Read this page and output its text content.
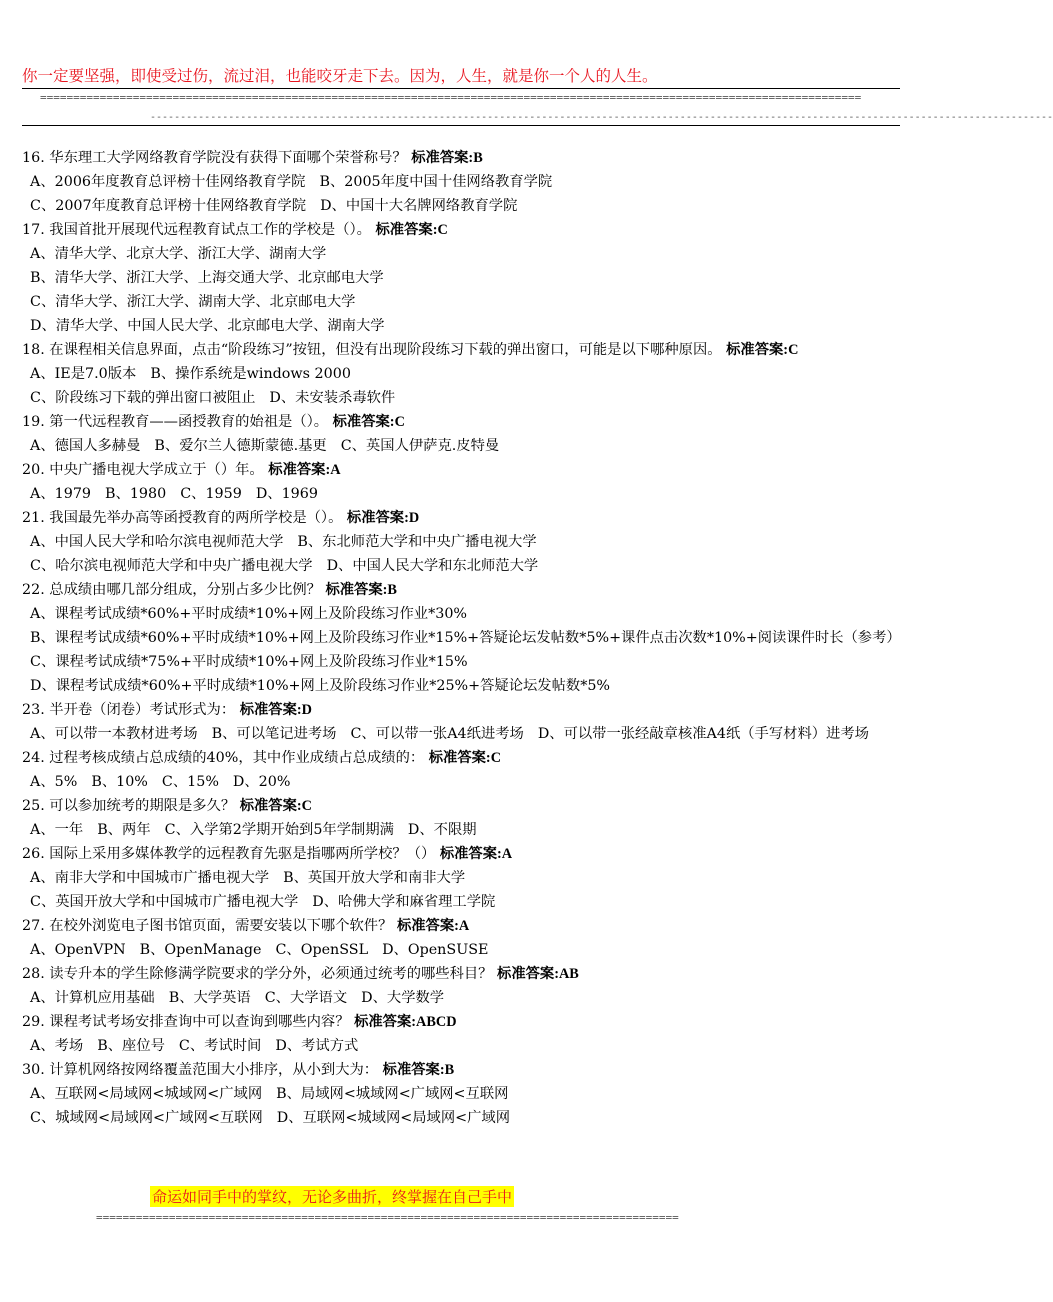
你一定要坚强，即使受过伤，流过泪，也能咬牙走下去。因为，人生，就是你一个人的人生。
============================================================================================================================
------------------------------------------------------------------------------------------------------------------------------------------------------
16. 华东理工大学网络教育学院没有获得下面哪个荣誉称号？ 标准答案:B
A、2006年度教育总评榜十佳网络教育学院 B、2005年度中国十佳网络教育学院
C、2007年度教育总评榜十佳网络教育学院 D、中国十大名牌网络教育学院
17. 我国首批开展现代远程教育试点工作的学校是（）。 标准答案:C
A、清华大学、北京大学、浙江大学、湖南大学
B、清华大学、浙江大学、上海交通大学、北京邮电大学
C、清华大学、浙江大学、湖南大学、北京邮电大学
D、清华大学、中国人民大学、北京邮电大学、湖南大学
18. 在课程相关信息界面，点击“阶段练习”按钮，但没有出现阶段练习下载的弹出窗口，可能是以下哪种原因。 标准答案:C
A、IE是7.0版本 B、操作系统是windows 2000
C、阶段练习下载的弹出窗口被阻止 D、未安装杀毒软件
19. 第一代远程教育——函授教育的始祖是（）。 标准答案:C
A、德国人多赫曼 B、爱尔兰人德斯蒙德.基更 C、英国人伊萨克.皮特曼
20. 中央广播电视大学成立于（）年。 标准答案:A
A、1979 B、1980 C、1959 D、1969
21. 我国最先举办高等函授教育的两所学校是（）。 标准答案:D
A、中国人民大学和哈尔滨电视师范大学 B、东北师范大学和中央广播电视大学
C、哈尔滨电视师范大学和中央广播电视大学 D、中国人民大学和东北师范大学
22. 总成绩由哪几部分组成，分别占多少比例？ 标准答案:B
A、课程考试成绩*60%+平时成绩*10%+网上及阶段练习作业*30%
B、课程考试成绩*60%+平时成绩*10%+网上及阶段练习作业*15%+答疑论坛发帖数*5%+课件点击次数*10%+阅读课件时长（参考）
C、课程考试成绩*75%+平时成绩*10%+网上及阶段练习作业*15%
D、课程考试成绩*60%+平时成绩*10%+网上及阶段练习作业*25%+答疑论坛发帖数*5%
23. 半开卷（闭卷）考试形式为： 标准答案:D
A、可以带一本教材进考场 B、可以笔记进考场 C、可以带一张A4纸进考场 D、可以带一张经敲章核准A4纸（手写材料）进考场
24. 过程考核成绩占总成绩的40%，其中作业成绩占总成绩的： 标准答案:C
A、5% B、10% C、15% D、20%
25. 可以参加统考的期限是多久？ 标准答案:C
A、一年 B、两年 C、入学第2学期开始到5年学制期满 D、不限期
26. 国际上采用多媒体教学的远程教育先驱是指哪两所学校？（） 标准答案:A
A、南非大学和中国城市广播电视大学 B、英国开放大学和南非大学
C、英国开放大学和中国城市广播电视大学 D、哈佛大学和麻省理工学院
27. 在校外浏览电子图书馆页面，需要安装以下哪个软件？ 标准答案:A
A、OpenVPN B、OpenManage C、OpenSSL D、OpenSUSE
28. 读专升本的学生除修满学院要求的学分外，必须通过统考的哪些科目？ 标准答案:AB
A、计算机应用基础 B、大学英语 C、大学语文 D、大学数学
29. 课程考试考场安排查询中可以查询到哪些内容？ 标准答案:ABCD
A、考场 B、座位号 C、考试时间 D、考试方式
30. 计算机网络按网络覆盖范围大小排序，从小到大为： 标准答案:B
A、互联网<局域网<城域网<广域网 B、局域网<城域网<广域网<互联网
C、城域网<局域网<广域网<互联网 D、互联网<城域网<局域网<广域网
命运如同手中的掌纹，无论多曲折，终掌握在自己手中
========================================================================================
